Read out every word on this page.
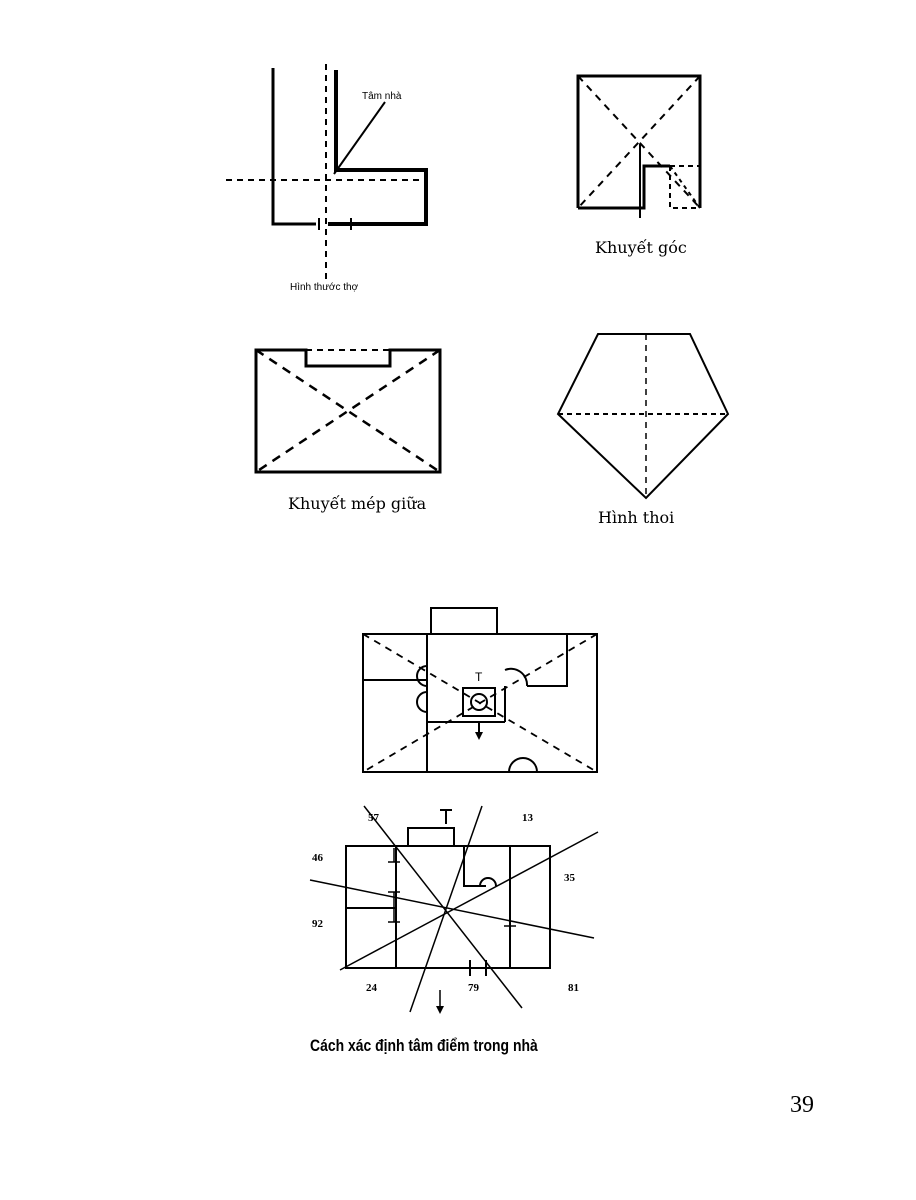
Tâm nhà
Hình thước thợ
Khuyết góc
Khuyết mép giữa
Hình thoi
T
57	13
46
35
92
24	79	81
Cách xác định tâm điểm trong nhà
39
